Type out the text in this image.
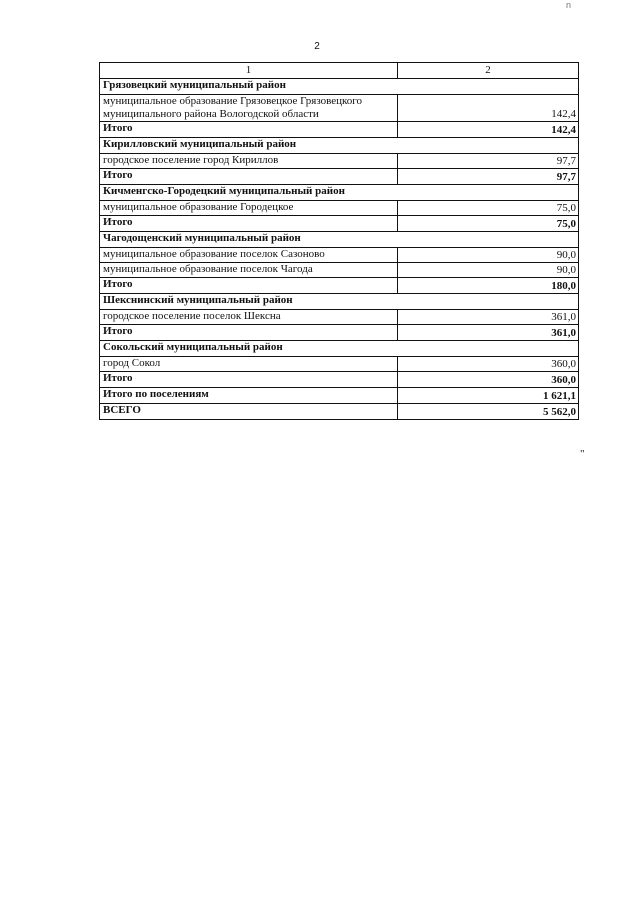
n
2
1	2
Грязовецкий муниципальный район	
муниципальное образование Грязовецкое Грязовецкого муниципального района Вологодской области	142,4
Итого	142,4
Кирилловский муниципальный район	
городское поселение город Кириллов	97,7
Итого	97,7
Кичменгско-Городецкий муниципальный район	
муниципальное образование Городецкое	75,0
Итого	75,0
Чагодощенский муниципальный район	
муниципальное образование поселок Сазоново	90,0
муниципальное образование поселок Чагода	90,0
Итого	180,0
Шекснинский муниципальный район	
городское поселение поселок Шексна	361,0
Итого	361,0
Сокольский муниципальный район	
город Сокол	360,0
Итого	360,0
Итого по поселениям	1 621,1
ВСЕГО	5 562,0
"
